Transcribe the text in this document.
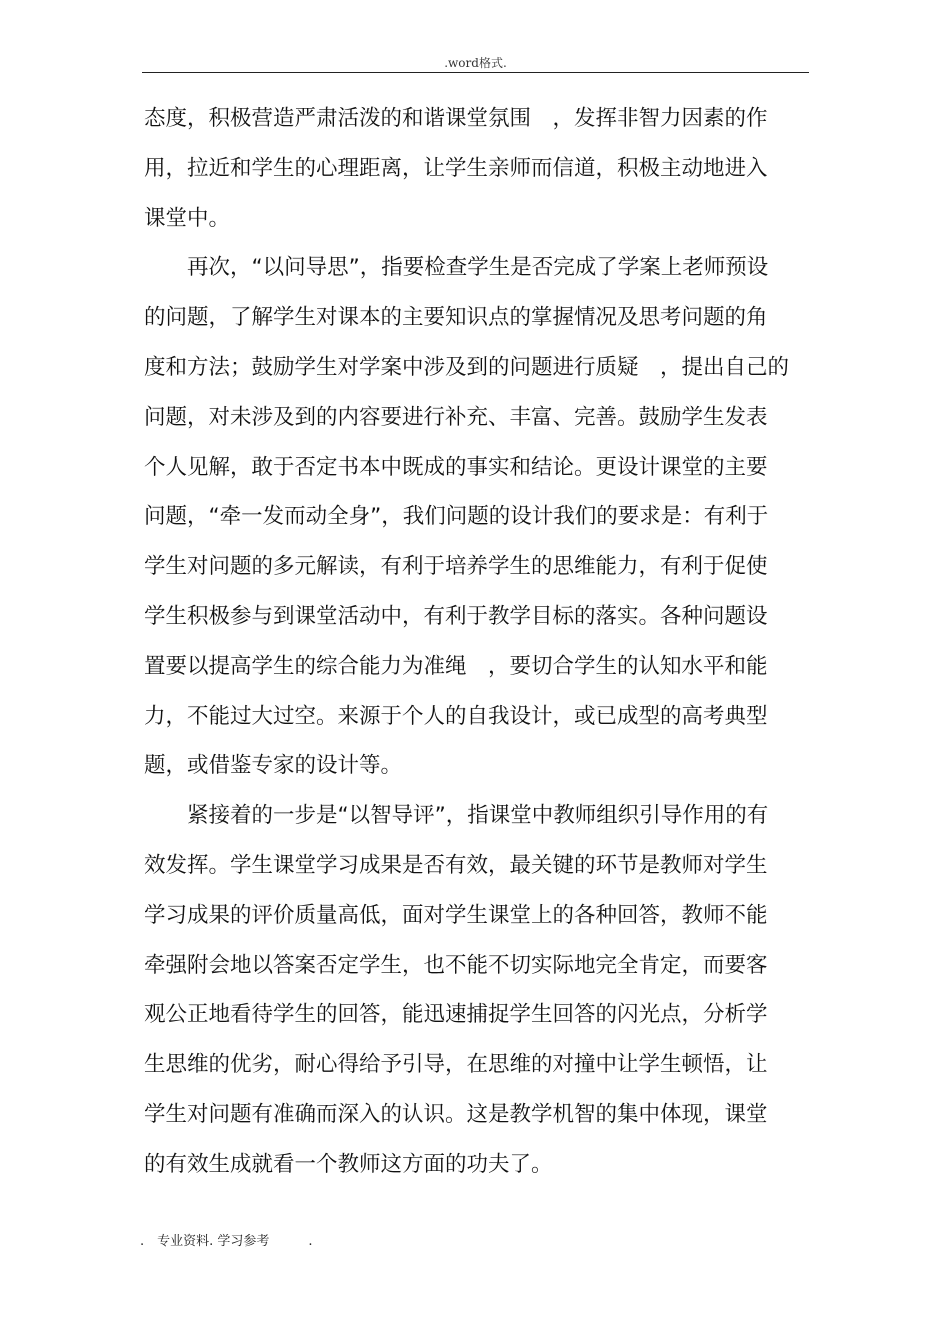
.word格式.
态度，积极营造严肃活泼的和谐课堂氛围　，发挥非智力因素的作
用，拉近和学生的心理距离，让学生亲师而信道，积极主动地进入
课堂中。
　　再次，“以问导思”，指要检查学生是否完成了学案上老师预设
的问题，了解学生对课本的主要知识点的掌握情况及思考问题的角
度和方法；鼓励学生对学案中涉及到的问题进行质疑　，提出自己的
问题，对未涉及到的内容要进行补充、丰富、完善。鼓励学生发表
个人见解，敢于否定书本中既成的事实和结论。更设计课堂的主要
问题，“牵一发而动全身”，我们问题的设计我们的要求是：有利于
学生对问题的多元解读，有利于培养学生的思维能力，有利于促使
学生积极参与到课堂活动中，有利于教学目标的落实。各种问题设
置要以提高学生的综合能力为准绳　，要切合学生的认知水平和能
力，不能过大过空。来源于个人的自我设计，或已成型的高考典型
题，或借鉴专家的设计等。
　　紧接着的一步是“以智导评”，指课堂中教师组织引导作用的有
效发挥。学生课堂学习成果是否有效，最关键的环节是教师对学生
学习成果的评价质量高低，面对学生课堂上的各种回答，教师不能
牵强附会地以答案否定学生，也不能不切实际地完全肯定，而要客
观公正地看待学生的回答，能迅速捕捉学生回答的闪光点，分析学
生思维的优劣，耐心得给予引导，在思维的对撞中让学生顿悟，让
学生对问题有准确而深入的认识。这是教学机智的集中体现，课堂
的有效生成就看一个教师这方面的功夫了。
.　专业资料. 学习参考　　　.
